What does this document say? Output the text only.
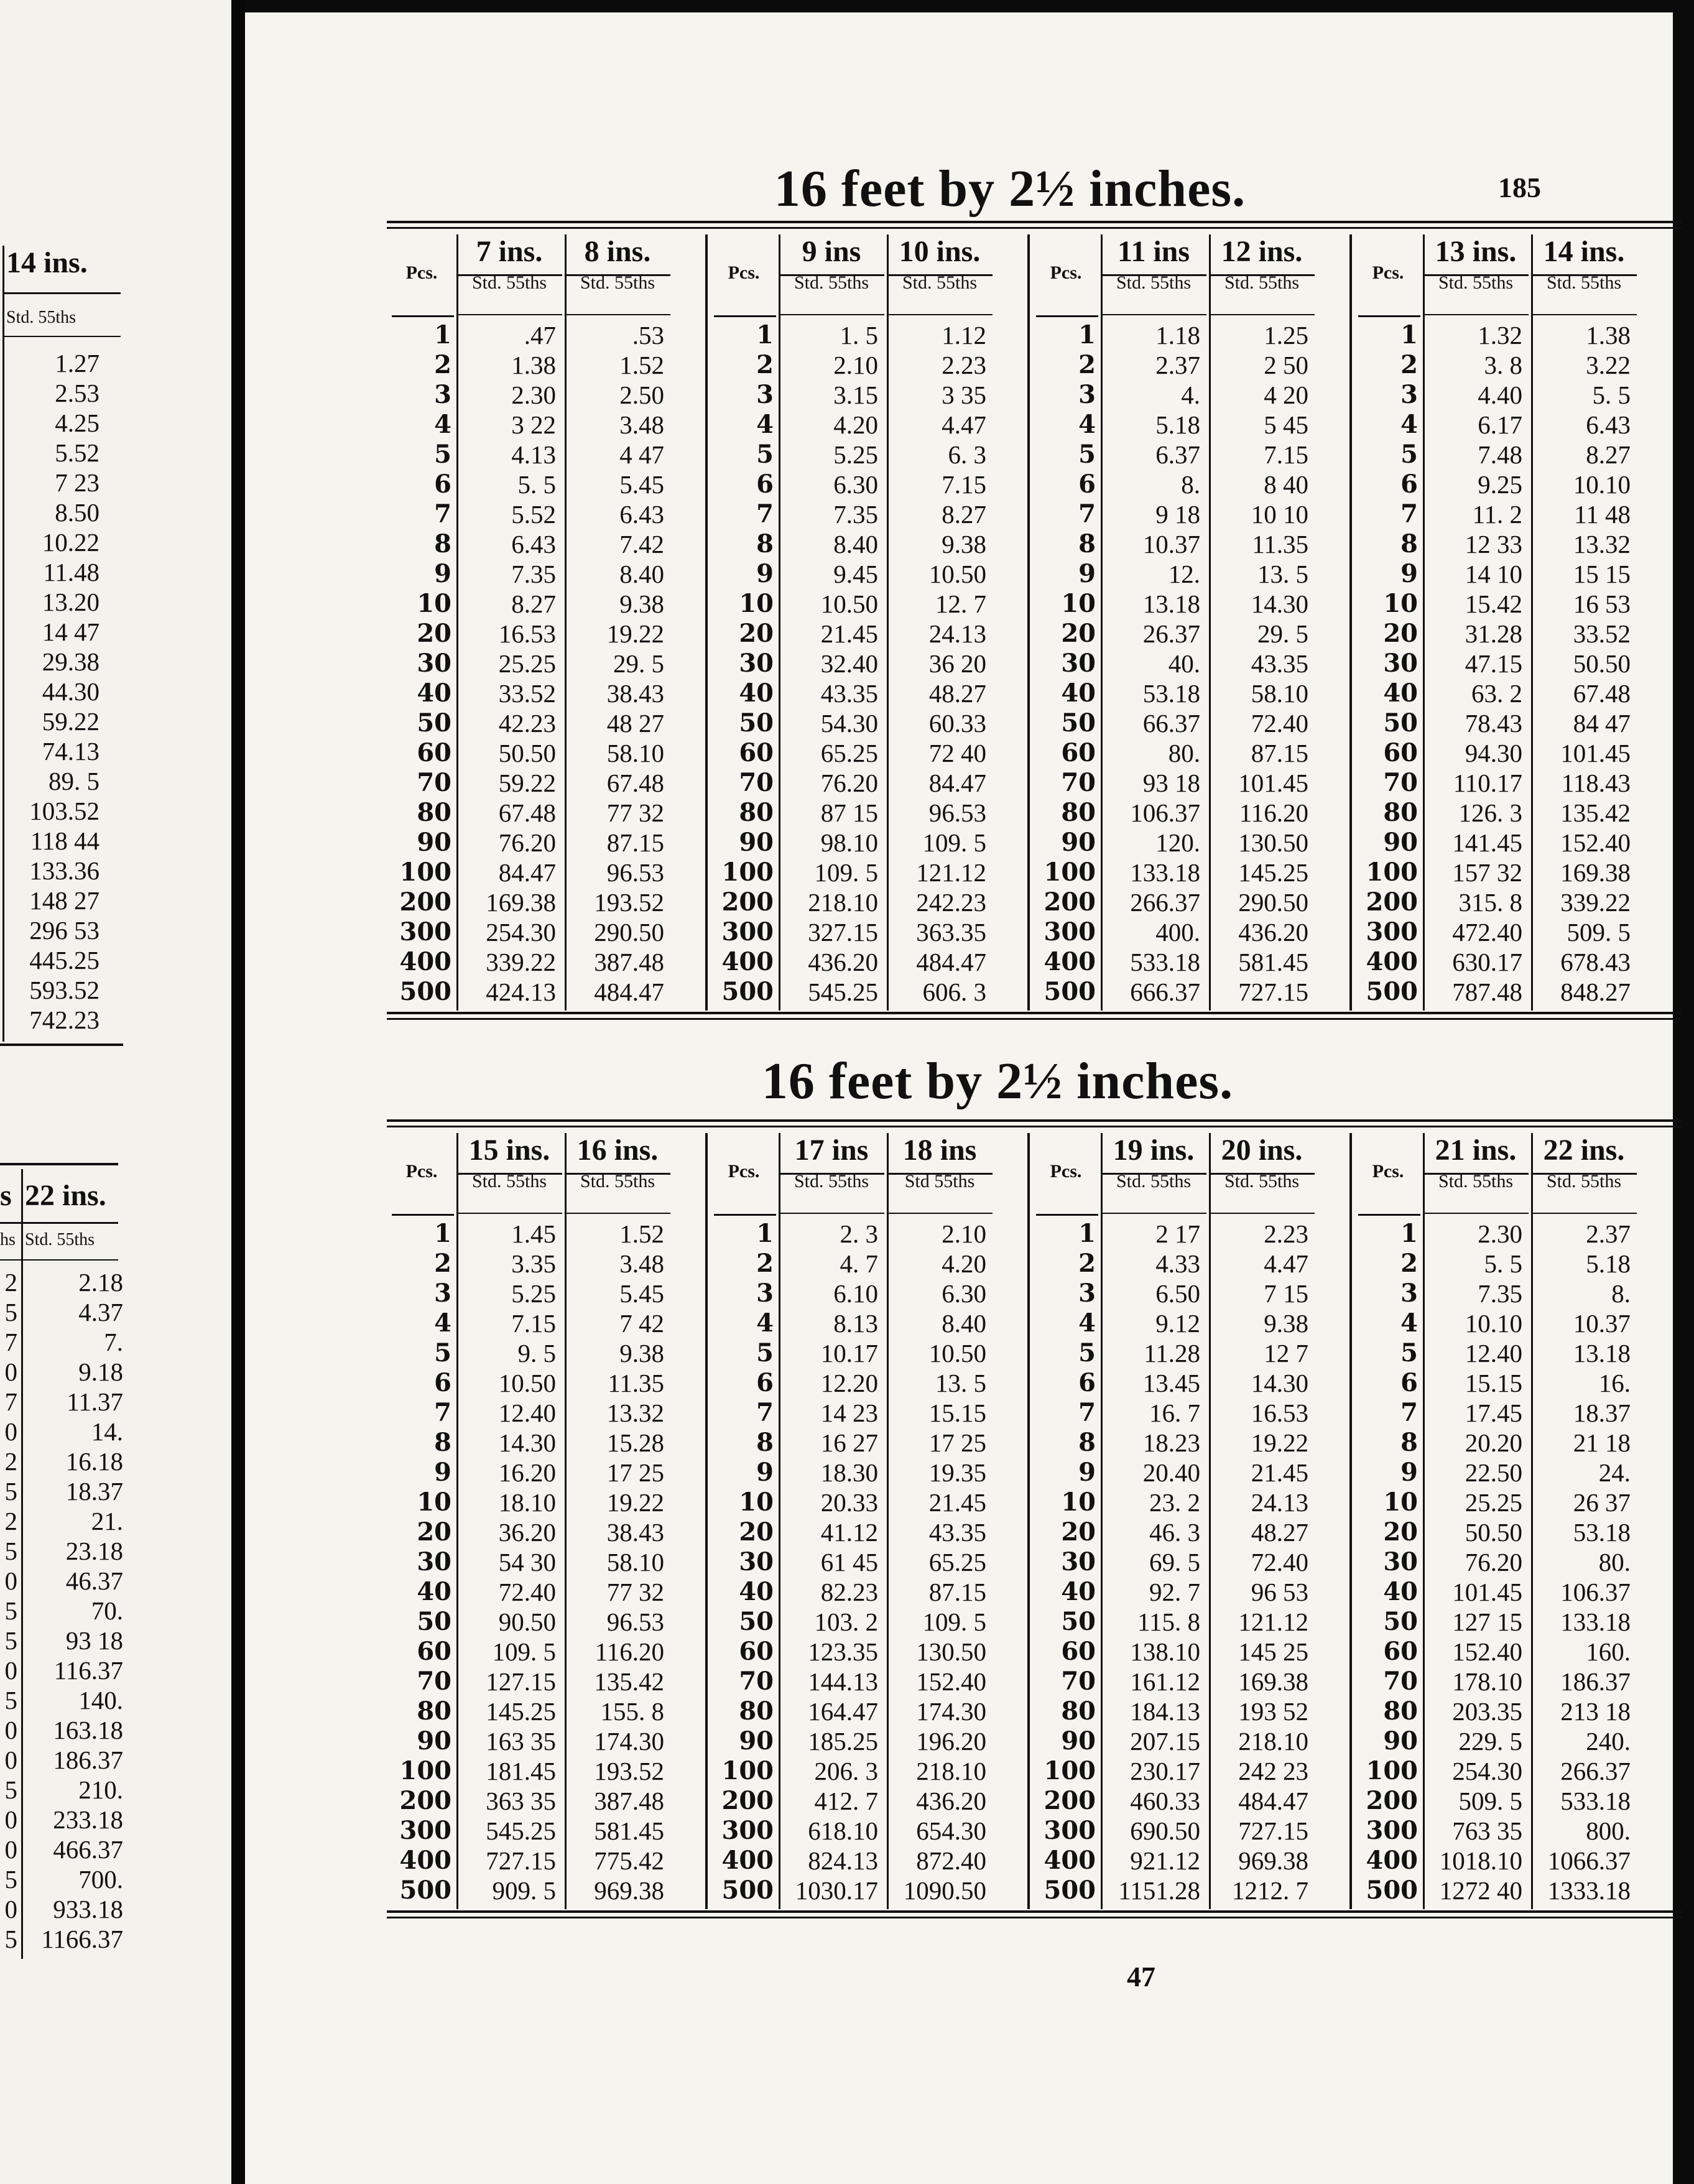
14 ins.
Std. 55ths
1.27
2.53
4.25
5.52
7 23
8.50
10.22
11.48
13.20
14 47
29.38
44.30
59.22
74.13
89. 5
103.52
118 44
133.36
148 27
296 53
445.25
593.52
742.23
s 22 ins.
hs Std. 55ths
2
5
7
0
7
0
2
5
2
5
0
5
5
0
5
0
0
5
0
0
5
0
5
2.18
4.37
7.
9.18
11.37
14.
16.18
18.37
21.
23.18
46.37
70.
93 18
116.37
140.
163.18
186.37
210.
233.18
466.37
700.
933.18
1166.37
16 feet by 2½ inches.	185
Pcs.
1
2
3
4
5
6
7
8
9
10
20
30
40
50
60
70
80
90
100
200
300
400
500
7 ins.
Std. 55ths
.47
1.38
2.30
3 22
4.13
5. 5
5.52
6.43
7.35
8.27
16.53
25.25
33.52
42.23
50.50
59.22
67.48
76.20
84.47
169.38
254.30
339.22
424.13
8 ins.
Std. 55ths
.53
1.52
2.50
3.48
4 47
5.45
6.43
7.42
8.40
9.38
19.22
29. 5
38.43
48 27
58.10
67.48
77 32
87.15
96.53
193.52
290.50
387.48
484.47
Pcs.
1
2
3
4
5
6
7
8
9
10
20
30
40
50
60
70
80
90
100
200
300
400
500
9 ins
Std. 55ths
1. 5
2.10
3.15
4.20
5.25
6.30
7.35
8.40
9.45
10.50
21.45
32.40
43.35
54.30
65.25
76.20
87 15
98.10
109. 5
218.10
327.15
436.20
545.25
10 ins.
Std. 55ths
1.12
2.23
3 35
4.47
6. 3
7.15
8.27
9.38
10.50
12. 7
24.13
36 20
48.27
60.33
72 40
84.47
96.53
109. 5
121.12
242.23
363.35
484.47
606. 3
Pcs.
1
2
3
4
5
6
7
8
9
10
20
30
40
50
60
70
80
90
100
200
300
400
500
11 ins
Std. 55ths
1.18
2.37
4.
5.18
6.37
8.
9 18
10.37
12.
13.18
26.37
40.
53.18
66.37
80.
93 18
106.37
120.
133.18
266.37
400.
533.18
666.37
12 ins.
Std. 55ths
1.25
2 50
4 20
5 45
7.15
8 40
10 10
11.35
13. 5
14.30
29. 5
43.35
58.10
72.40
87.15
101.45
116.20
130.50
145.25
290.50
436.20
581.45
727.15
Pcs.
1
2
3
4
5
6
7
8
9
10
20
30
40
50
60
70
80
90
100
200
300
400
500
13 ins.
Std. 55ths
1.32
3. 8
4.40
6.17
7.48
9.25
11. 2
12 33
14 10
15.42
31.28
47.15
63. 2
78.43
94.30
110.17
126. 3
141.45
157 32
315. 8
472.40
630.17
787.48
14 ins.
Std. 55ths
1.38
3.22
5. 5
6.43
8.27
10.10
11 48
13.32
15 15
16 53
33.52
50.50
67.48
84 47
101.45
118.43
135.42
152.40
169.38
339.22
509. 5
678.43
848.27
16 feet by 2½ inches.
Pcs.
1
2
3
4
5
6
7
8
9
10
20
30
40
50
60
70
80
90
100
200
300
400
500
15 ins.
Std. 55ths
1.45
3.35
5.25
7.15
9. 5
10.50
12.40
14.30
16.20
18.10
36.20
54 30
72.40
90.50
109. 5
127.15
145.25
163 35
181.45
363 35
545.25
727.15
909. 5
16 ins.
Std. 55ths
1.52
3.48
5.45
7 42
9.38
11.35
13.32
15.28
17 25
19.22
38.43
58.10
77 32
96.53
116.20
135.42
155. 8
174.30
193.52
387.48
581.45
775.42
969.38
Pcs.
1
2
3
4
5
6
7
8
9
10
20
30
40
50
60
70
80
90
100
200
300
400
500
17 ins
Std. 55ths
2. 3
4. 7
6.10
8.13
10.17
12.20
14 23
16 27
18.30
20.33
41.12
61 45
82.23
103. 2
123.35
144.13
164.47
185.25
206. 3
412. 7
618.10
824.13
1030.17
18 ins
Std 55ths
2.10
4.20
6.30
8.40
10.50
13. 5
15.15
17 25
19.35
21.45
43.35
65.25
87.15
109. 5
130.50
152.40
174.30
196.20
218.10
436.20
654.30
872.40
1090.50
Pcs.
1
2
3
4
5
6
7
8
9
10
20
30
40
50
60
70
80
90
100
200
300
400
500
19 ins.
Std. 55ths
2 17
4.33
6.50
9.12
11.28
13.45
16. 7
18.23
20.40
23. 2
46. 3
69. 5
92. 7
115. 8
138.10
161.12
184.13
207.15
230.17
460.33
690.50
921.12
1151.28
20 ins.
Std. 55ths
2.23
4.47
7 15
9.38
12 7
14.30
16.53
19.22
21.45
24.13
48.27
72.40
96 53
121.12
145 25
169.38
193 52
218.10
242 23
484.47
727.15
969.38
1212. 7
Pcs.
1
2
3
4
5
6
7
8
9
10
20
30
40
50
60
70
80
90
100
200
300
400
500
21 ins.
Std. 55ths
2.30
5. 5
7.35
10.10
12.40
15.15
17.45
20.20
22.50
25.25
50.50
76.20
101.45
127 15
152.40
178.10
203.35
229. 5
254.30
509. 5
763 35
1018.10
1272 40
22 ins.
Std. 55ths
2.37
5.18
8.
10.37
13.18
16.
18.37
21 18
24.
26 37
53.18
80.
106.37
133.18
160.
186.37
213 18
240.
266.37
533.18
800.
1066.37
1333.18
47
